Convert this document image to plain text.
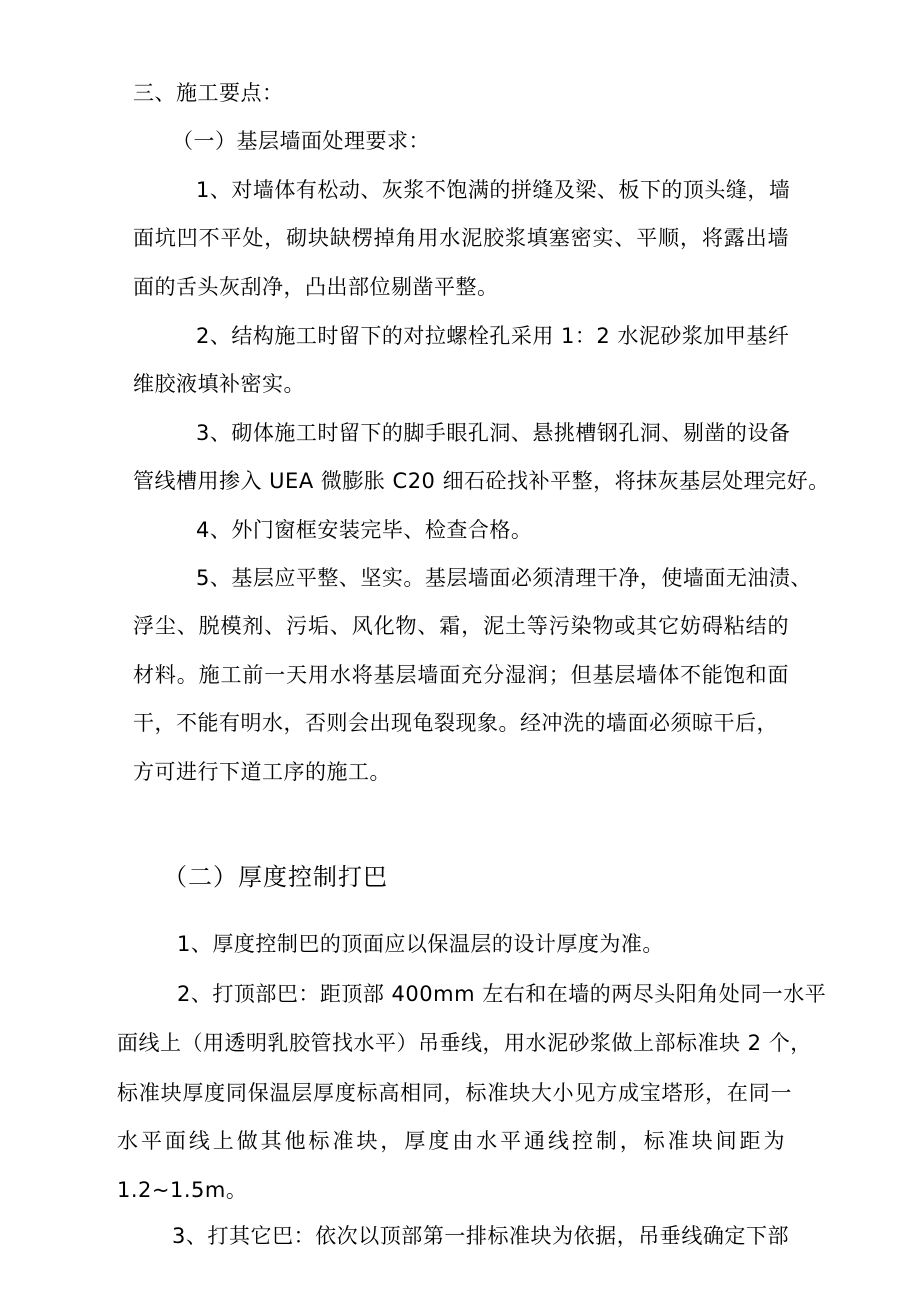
三、施工要点：
（一）基层墙面处理要求：
1、对墙体有松动、灰浆不饱满的拼缝及梁、板下的顶头缝，墙
面坑凹不平处，砌块缺楞掉角用水泥胶浆填塞密实、平顺，将露出墙
面的舌头灰刮净，凸出部位剔凿平整。
2、结构施工时留下的对拉螺栓孔采用 1：2 水泥砂浆加甲基纤
维胶液填补密实。
3、砌体施工时留下的脚手眼孔洞、悬挑槽钢孔洞、剔凿的设备
管线槽用掺入 UEA 微膨胀 C20 细石砼找补平整，将抹灰基层处理完好。
4、外门窗框安装完毕、检查合格。
5、基层应平整、坚实。基层墙面必须清理干净，使墙面无油渍、
浮尘、脱模剂、污垢、风化物、霜，泥土等污染物或其它妨碍粘结的
材料。施工前一天用水将基层墙面充分湿润；但基层墙体不能饱和面
干，不能有明水，否则会出现龟裂现象。经冲洗的墙面必须晾干后，
方可进行下道工序的施工。
（二）厚度控制打巴
1、厚度控制巴的顶面应以保温层的设计厚度为准。
2、打顶部巴：距顶部 400mm 左右和在墙的两尽头阳角处同一水平
面线上（用透明乳胶管找水平）吊垂线，用水泥砂浆做上部标准块 2 个，
标准块厚度同保温层厚度标高相同，标准块大小见方成宝塔形，在同一
水平面线上做其他标准块，厚度由水平通线控制，标准块间距为
1.2~1.5m。
3、打其它巴：依次以顶部第一排标准块为依据，吊垂线确定下部
